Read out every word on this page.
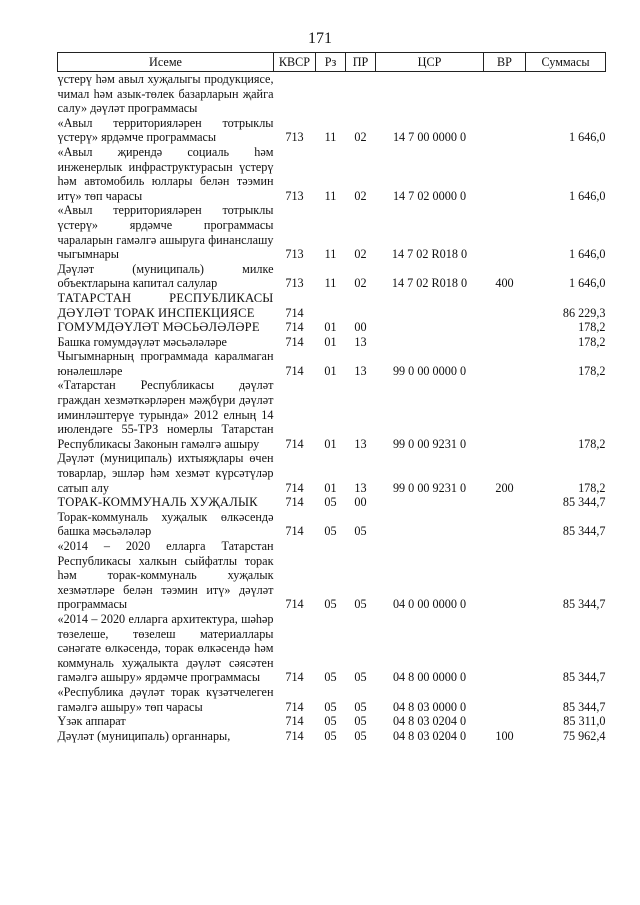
171
Исеме	КВСР	Рз	ПР	ЦСР	ВР	Суммасы
үстерү һәм авыл хуҗалыгы продукциясе, чимал һәм азык-төлек базарларын җайга салу» дәүләт программасы						
«Авыл территорияләрен тотрыклы үстерү» ярдәмче программасы	713	11	02	14 7 00 0000 0		1 646,0
«Авыл җирендә социаль һәм инженерлык инфраструктурасын үстерү һәм автомобиль юллары белән тәэмин итү» төп чарасы	713	11	02	14 7 02 0000 0		1 646,0
«Авыл территорияләрен тотрыклы үстерү» ярдәмче программасы чараларын гамәлгә ашыруга финанслашу чыгымнары	713	11	02	14 7 02 R018 0		1 646,0
Дәүләт (муниципаль) милке объектларына капитал салулар	713	11	02	14 7 02 R018 0	400	1 646,0
ТАТАРСТАН РЕСПУБЛИКАСЫ ДӘҮЛӘТ ТОРАК ИНСПЕКЦИЯСЕ	714					86 229,3
ГОМУМДӘҮЛӘТ МӘСЬӘЛӘЛӘРЕ	714	01	00			178,2
Башка гомумдәүләт мәсьәләләре	714	01	13			178,2
Чыгымнарның программада каралмаган юнәлешләре	714	01	13	99 0 00 0000 0		178,2
«Татарстан Республикасы дәүләт граждан хезмәткәрләрен мәҗбүри дәүләт иминләштерүе турында» 2012 елның 14 июлендәге 55-ТРЗ номерлы Татарстан Республикасы Законын гамәлгә ашыру	714	01	13	99 0 00 9231 0		178,2
Дәүләт (муниципаль) ихтыяҗлары өчен товарлар, эшләр һәм хезмәт күрсәтүләр сатып алу	714	01	13	99 0 00 9231 0	200	178,2
ТОРАК-КОММУНАЛЬ ХУҖАЛЫК	714	05	00			85 344,7
Торак-коммуналь хуҗалык өлкәсендә башка мәсьәләләр	714	05	05			85 344,7
«2014 – 2020 елларга Татарстан Республикасы халкын сыйфатлы торак һәм торак-коммуналь хуҗалык хезмәтләре белән тәэмин итү» дәүләт программасы	714	05	05	04 0 00 0000 0		85 344,7
«2014 – 2020 елларга архитектура, шәһәр төзелеше, төзелеш материаллары сәнәгате өлкәсендә, торак өлкәсендә һәм коммуналь хуҗалыкта дәүләт сәясәтен гамәлгә ашыру» ярдәмче программасы	714	05	05	04 8 00 0000 0		85 344,7
«Республика дәүләт торак күзәтчелеген гамәлгә ашыру» төп чарасы	714	05	05	04 8 03 0000 0		85 344,7
Үзәк аппарат	714	05	05	04 8 03 0204 0		85 311,0
Дәүләт (муниципаль) органнары,	714	05	05	04 8 03 0204 0	100	75 962,4
